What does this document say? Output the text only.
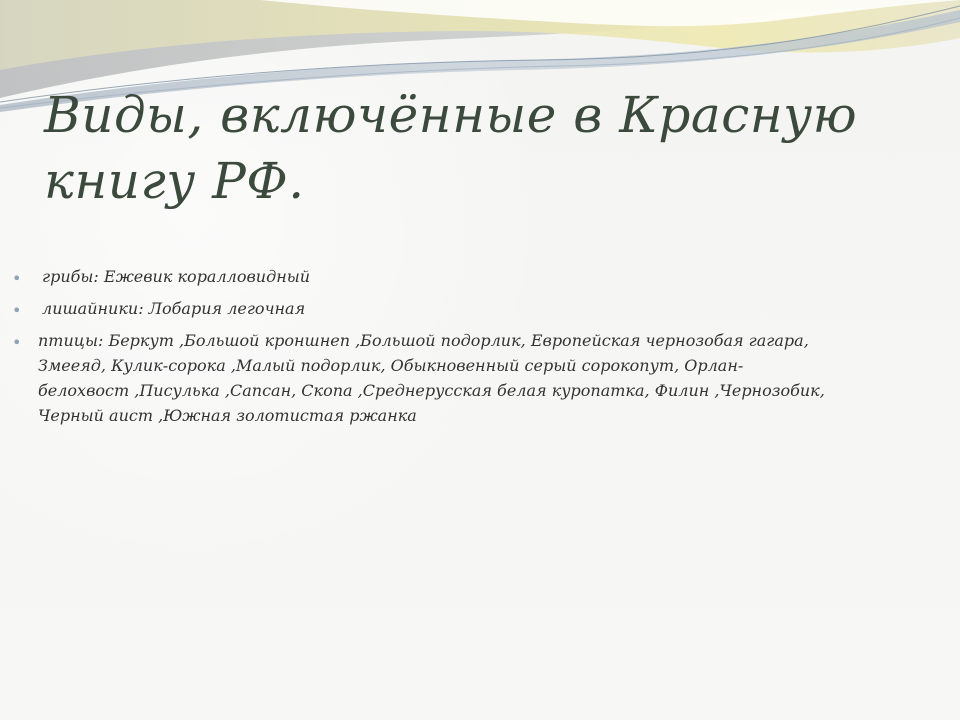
Виды, включённые в Красную книгу РФ.
• грибы: Ежевик коралловидный
• лишайники: Лобария легочная
• птицы: Беркут ,Большой кроншнеп ,Большой подорлик, Европейская чернозобая гагара, Змееяд, Кулик-сорока ,Малый подорлик, Обыкновенный серый сорокопут, Орлан-белохвост ,Писулька ,Сапсан, Скопа ,Среднерусская белая куропатка, Филин ,Чернозобик, Черный аист ,Южная золотистая ржанка
